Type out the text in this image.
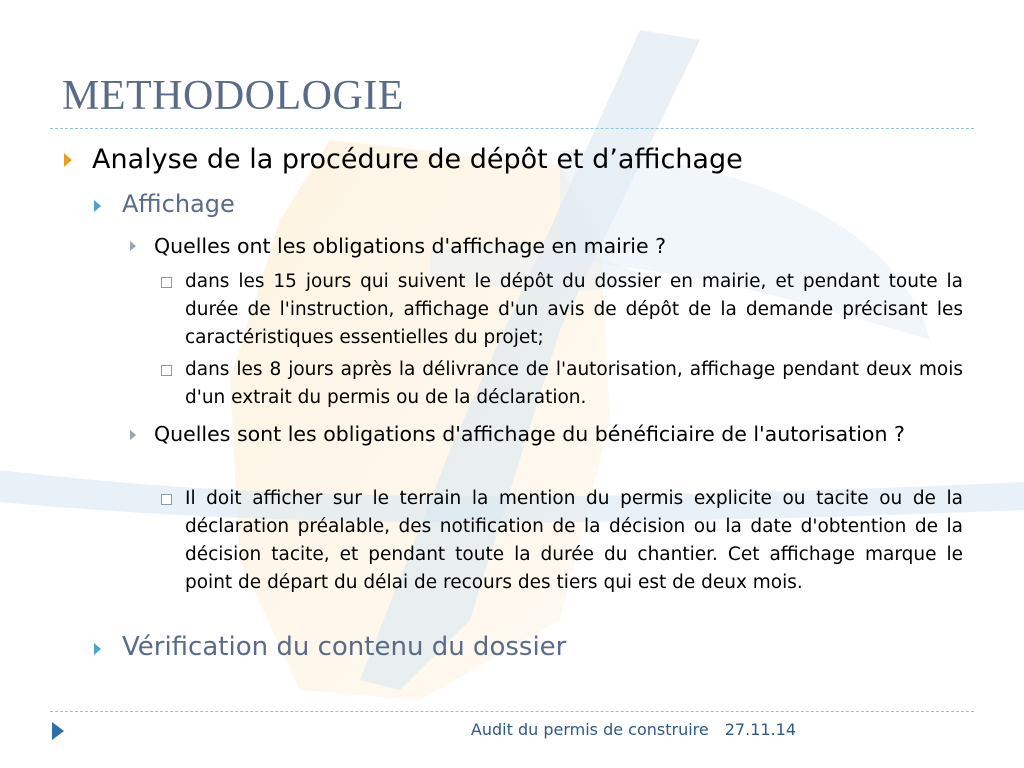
METHODOLOGIE

Analyse de la procédure de dépôt et d’affichage

Affichage

Quelles ont les obligations d'affichage en mairie ?

dans les 15 jours qui suivent le dépôt du dossier en mairie, et pendant toute la durée de l'instruction, affichage d'un avis de dépôt de la demande précisant les caractéristiques essentielles du projet;

dans les 8 jours après la délivrance de l'autorisation, affichage pendant deux mois d'un extrait du permis ou de la déclaration.

Quelles sont les obligations d'affichage du bénéficiaire de l'autorisation ?

Il doit afficher sur le terrain la mention du permis explicite ou tacite ou de la déclaration préalable, des notification de la décision ou la date d'obtention de la décision tacite, et pendant toute la durée du chantier. Cet affichage marque le point de départ du délai de recours des tiers qui est de deux mois.

Vérification du contenu du dossier

Audit du permis de construire 27.11.14
